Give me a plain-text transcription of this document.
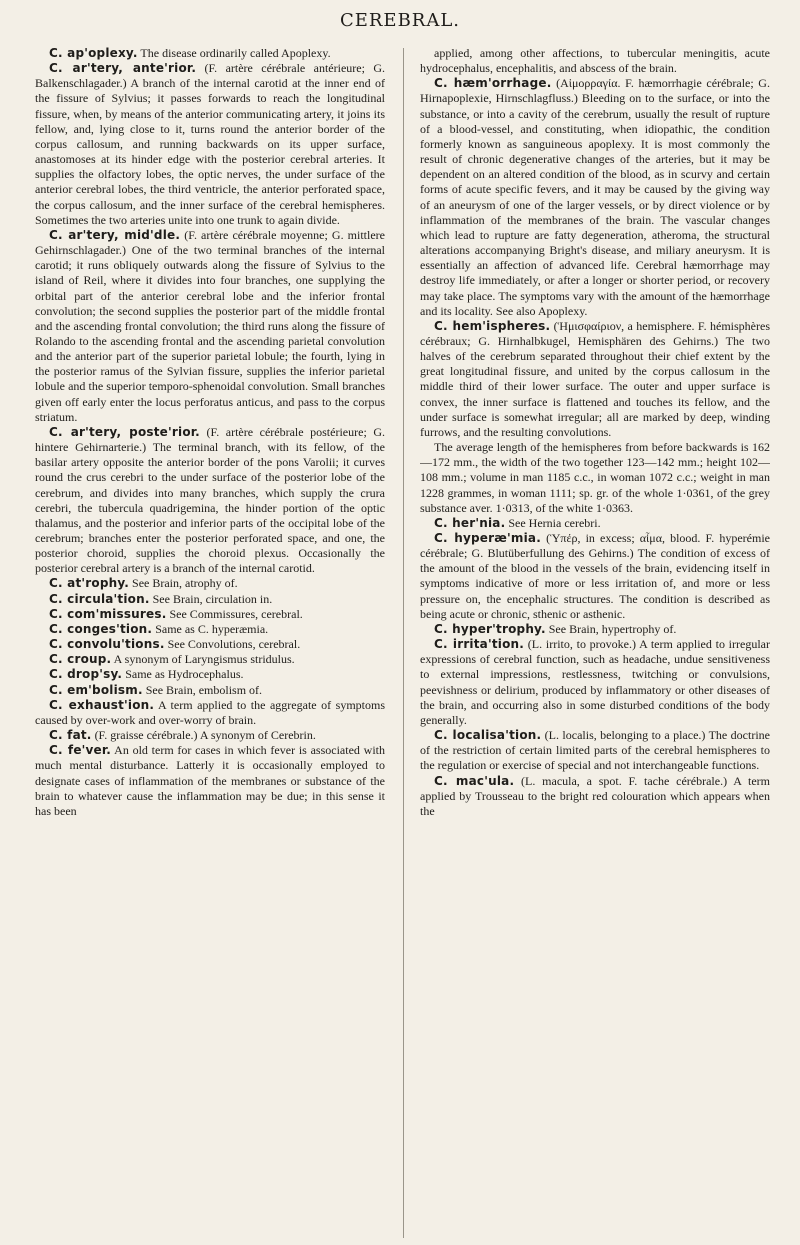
CEREBRAL.

C. ap'oplexy. The disease ordinarily called Apoplexy.

C. ar'tery, ante'rior. (F. artère cérébrale antérieure; G. Balkenschlagader.) A branch of the internal carotid at the inner end of the fissure of Sylvius; it passes forwards to reach the longitudinal fissure, when, by means of the anterior communicating artery, it joins its fellow, and, lying close to it, turns round the anterior border of the corpus callosum, and running backwards on its upper surface, anastomoses at its hinder edge with the posterior cerebral arteries. It supplies the olfactory lobes, the optic nerves, the under surface of the anterior cerebral lobes, the third ventricle, the anterior perforated space, the corpus callosum, and the inner surface of the cerebral hemispheres. Sometimes the two arteries unite into one trunk to again divide.

C. ar'tery, mid'dle. (F. artère cérébrale moyenne; G. mittlere Gehirnschlagader.) One of the two terminal branches of the internal carotid; it runs obliquely outwards along the fissure of Sylvius to the island of Reil, where it divides into four branches, one supplying the orbital part of the anterior cerebral lobe and the inferior frontal convolution; the second supplies the posterior part of the middle frontal and the ascending frontal convolution; the third runs along the fissure of Rolando to the ascending frontal and the ascending parietal convolution and the anterior part of the superior parietal lobule; the fourth, lying in the posterior ramus of the Sylvian fissure, supplies the inferior parietal lobule and the superior temporo-sphenoidal convolution. Small branches given off early enter the locus perforatus anticus, and pass to the corpus striatum.

C. ar'tery, poste'rior. (F. artère cérébrale postérieure; G. hintere Gehirnarterie.) The terminal branch, with its fellow, of the basilar artery opposite the anterior border of the pons Varolii; it curves round the crus cerebri to the under surface of the posterior lobe of the cerebrum, and divides into many branches, which supply the crura cerebri, the tubercula quadrigemina, the hinder portion of the optic thalamus, and the posterior and inferior parts of the occipital lobe of the cerebrum; branches enter the posterior perforated space, and one, the posterior choroid, supplies the choroid plexus. Occasionally the posterior cerebral artery is a branch of the internal carotid.

C. at'rophy. See Brain, atrophy of.

C. circula'tion. See Brain, circulation in.

C. com'missures. See Commissures, cerebral.

C. conges'tion. Same as C. hyperæmia.

C. convolu'tions. See Convolutions, cerebral.

C. croup. A synonym of Laryngismus stridulus.

C. drop'sy. Same as Hydrocephalus.

C. em'bolism. See Brain, embolism of.

C. exhaust'ion. A term applied to the aggregate of symptoms caused by over-work and over-worry of brain.

C. fat. (F. graisse cérébrale.) A synonym of Cerebrin.

C. fe'ver. An old term for cases in which fever is associated with much mental disturbance. Latterly it is occasionally employed to designate cases of inflammation of the membranes or substance of the brain to whatever cause the inflammation may be due; in this sense it has been

applied, among other affections, to tubercular meningitis, acute hydrocephalus, encephalitis, and abscess of the brain.

C. hæm'orrhage. (Αἱμορραγία. F. hæmorrhagie cérébrale; G. Hirnapoplexie, Hirnschlagfluss.) Bleeding on to the surface, or into the substance, or into a cavity of the cerebrum, usually the result of rupture of a blood-vessel, and constituting, when idiopathic, the condition formerly known as sanguineous apoplexy. It is most commonly the result of chronic degenerative changes of the arteries, but it may be dependent on an altered condition of the blood, as in scurvy and certain forms of acute specific fevers, and it may be caused by the giving way of an aneurysm of one of the larger vessels, or by direct violence or by inflammation of the membranes of the brain. The vascular changes which lead to rupture are fatty degeneration, atheroma, the structural alterations accompanying Bright's disease, and miliary aneurysm. It is essentially an affection of advanced life. Cerebral hæmorrhage may destroy life immediately, or after a longer or shorter period, or recovery may take place. The symptoms vary with the amount of the hæmorrhage and its locality. See also Apoplexy.

C. hem'ispheres. (Ἡμισφαίριον, a hemisphere. F. hémisphères cérébraux; G. Hirnhalbkugel, Hemisphären des Gehirns.) The two halves of the cerebrum separated throughout their chief extent by the great longitudinal fissure, and united by the corpus callosum in the middle third of their lower surface. The outer and upper surface is convex, the inner surface is flattened and touches its fellow, and the under surface is somewhat irregular; all are marked by deep, winding furrows, and the resulting convolutions.

The average length of the hemispheres from before backwards is 162—172 mm., the width of the two together 123—142 mm.; height 102—108 mm.; volume in man 1185 c.c., in woman 1072 c.c.; weight in man 1228 grammes, in woman 1111; sp. gr. of the whole 1·0361, of the grey substance aver. 1·0313, of the white 1·0363.

C. her'nia. See Hernia cerebri.

C. hyperæ'mia. (Ὑπέρ, in excess; αἷμα, blood. F. hyperémie cérébrale; G. Blutüberfullung des Gehirns.) The condition of excess of the amount of the blood in the vessels of the brain, evidencing itself in symptoms indicative of more or less irritation of, and more or less pressure on, the encephalic structures. The condition is described as being acute or chronic, sthenic or asthenic.

C. hyper'trophy. See Brain, hypertrophy of.

C. irrita'tion. (L. irrito, to provoke.) A term applied to irregular expressions of cerebral function, such as headache, undue sensitiveness to external impressions, restlessness, twitching or convulsions, peevishness or delirium, produced by inflammatory or other diseases of the brain, and occurring also in some disturbed conditions of the body generally.

C. localisa'tion. (L. localis, belonging to a place.) The doctrine of the restriction of certain limited parts of the cerebral hemispheres to the regulation or exercise of special and not interchangeable functions.

C. mac'ula. (L. macula, a spot. F. tache cérébrale.) A term applied by Trousseau to the bright red colouration which appears when the
